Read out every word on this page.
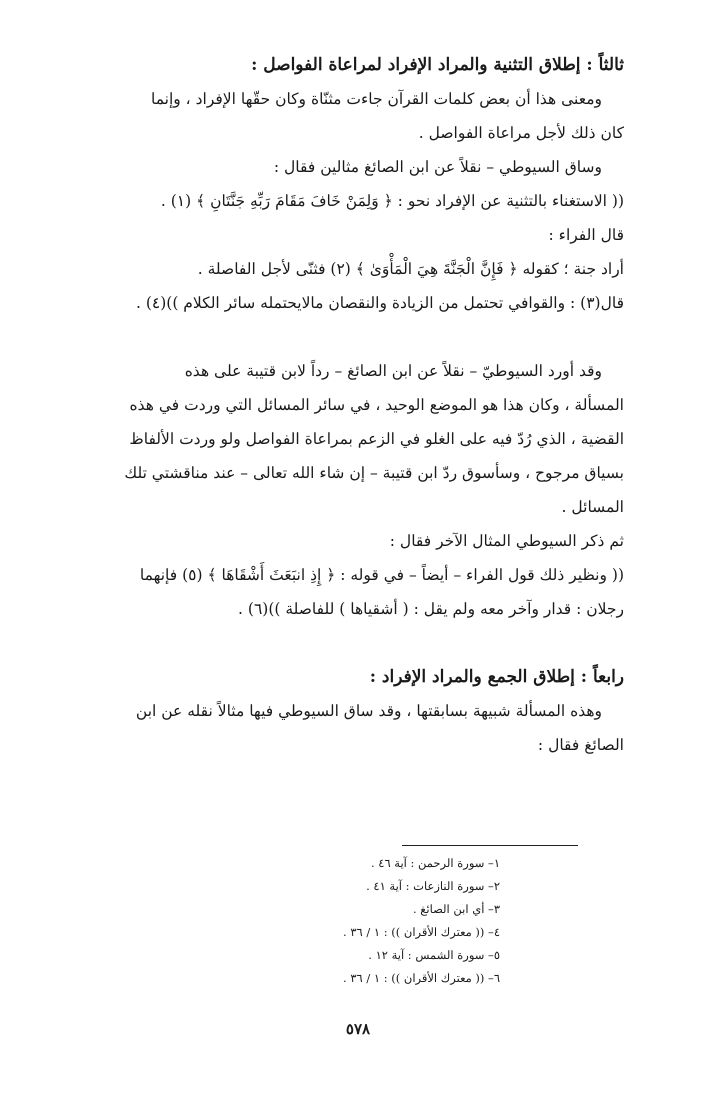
ثالثاً : إطلاق التثنية والمراد الإفراد لمراعاة الفواصل :
ومعنى هذا أن بعض كلمات القرآن جاءت مثنّاة وكان حقّها الإفراد ، وإنما
كان ذلك لأجل مراعاة الفواصل .
وساق السيوطي – نقلاً عن ابن الصائغ مثالين فقال :
(( الاستغناء بالتثنية عن الإفراد نحو : ﴿ وَلِمَنْ خَافَ مَقَامَ رَبِّهِ جَنَّتَانِ ﴾ (١) .
قال الفراء :
أراد جنة ؛ كقوله ﴿ فَإِنَّ الْجَنَّةَ هِيَ الْمَأْوَىٰ ﴾ (٢) فثنّى لأجل الفاصلة .
قال(٣) : والقوافي تحتمل من الزيادة والنقصان مالايحتمله سائر الكلام ))(٤) .
وقد أورد السيوطيّ – نقلاً عن ابن الصائغ – رداً لابن قتيبة على هذه
المسألة ، وكان هذا هو الموضع الوحيد ، في سائر المسائل التي وردت في هذه
القضية ، الذي رُدّ فيه على الغلو في الزعم بمراعاة الفواصل ولو وردت الألفاظ
بسياق مرجوح ، وسأسوق ردّ ابن قتيبة – إن شاء الله تعالى – عند مناقشتي تلك
المسائل .
ثم ذكر السيوطي المثال الآخر فقال :
(( ونظير ذلك قول الفراء – أيضاً – في قوله : ﴿ إِذِ انبَعَثَ أَشْقَاهَا ﴾ (٥) فإنهما
رجلان : قدار وآخر معه ولم يقل : ( أشقياها ) للفاصلة ))(٦) .
رابعاً : إطلاق الجمع والمراد الإفراد :
وهذه المسألة شبيهة بسابقتها ، وقد ساق السيوطي فيها مثالاً نقله عن ابن
الصائغ فقال :
١– سورة الرحمن : آية ٤٦ .
٢– سورة النازعات : آية ٤١ .
٣– أي ابن الصائغ .
٤– (( معترك الأقران )) : ١ / ٣٦ .
٥– سورة الشمس : آية ١٢ .
٦– (( معترك الأقران )) : ١ / ٣٦ .
٥٧٨
